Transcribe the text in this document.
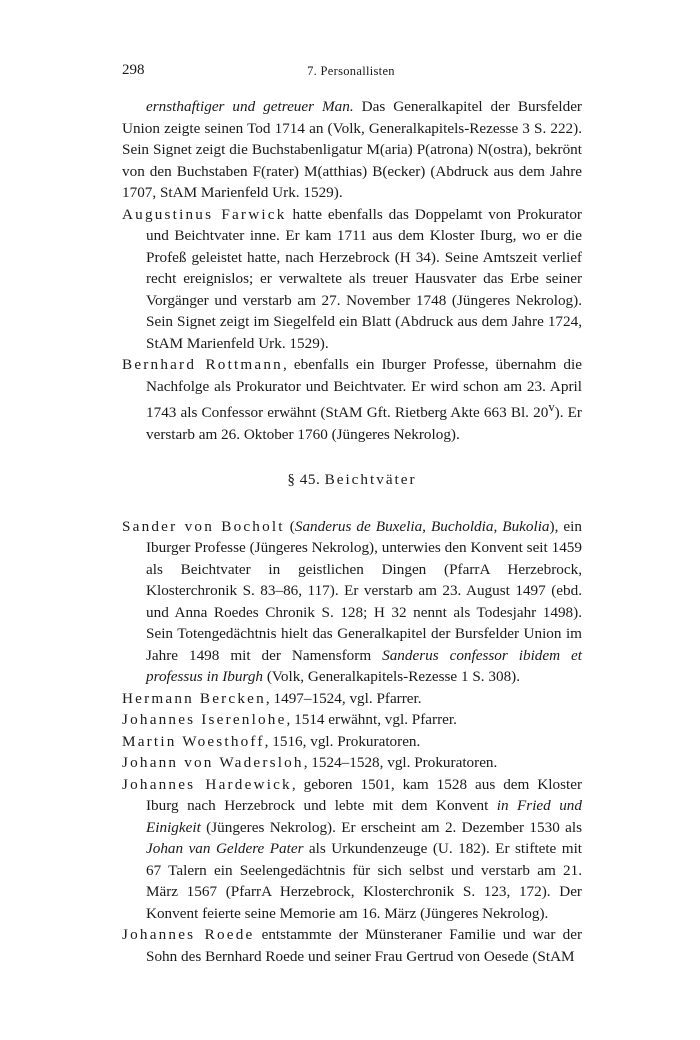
298	7. Personallisten

ernsthaftiger und getreuer Man. Das Generalkapitel der Bursfelder Union zeigte seinen Tod 1714 an (Volk, Generalkapitels-Rezesse 3 S. 222). Sein Signet zeigt die Buchstabenligatur M(aria) P(atrona) N(ostra), bekrönt von den Buchstaben F(rater) M(atthias) B(ecker) (Abdruck aus dem Jahre 1707, StAM Marienfeld Urk. 1529).

Augustinus Farwick hatte ebenfalls das Doppelamt von Prokurator und Beichtvater inne. Er kam 1711 aus dem Kloster Iburg, wo er die Profeß geleistet hatte, nach Herzebrock (H 34). Seine Amtszeit verlief recht ereignislos; er verwaltete als treuer Hausvater das Erbe seiner Vorgänger und verstarb am 27. November 1748 (Jüngeres Nekrolog). Sein Signet zeigt im Siegelfeld ein Blatt (Abdruck aus dem Jahre 1724, StAM Marienfeld Urk. 1529).

Bernhard Rottmann, ebenfalls ein Iburger Professe, übernahm die Nachfolge als Prokurator und Beichtvater. Er wird schon am 23. April 1743 als Confessor erwähnt (StAM Gft. Rietberg Akte 663 Bl. 20$^v$). Er verstarb am 26. Oktober 1760 (Jüngeres Nekrolog).

§ 45. Beichtväter

Sander von Bocholt (Sanderus de Buxelia, Bucholdia, Bukolia), ein Iburger Professe (Jüngeres Nekrolog), unterwies den Konvent seit 1459 als Beichtvater in geistlichen Dingen (PfarrA Herzebrock, Klosterchronik S. 83–86, 117). Er verstarb am 23. August 1497 (ebd. und Anna Roedes Chronik S. 128; H 32 nennt als Todesjahr 1498). Sein Totengedächtnis hielt das Generalkapitel der Bursfelder Union im Jahre 1498 mit der Namensform Sanderus confessor ibidem et professus in Iburgh (Volk, Generalkapitels-Rezesse 1 S. 308).

Hermann Bercken, 1497–1524, vgl. Pfarrer.

Johannes Iserenlohe, 1514 erwähnt, vgl. Pfarrer.

Martin Woesthoff, 1516, vgl. Prokuratoren.

Johann von Wadersloh, 1524–1528, vgl. Prokuratoren.

Johannes Hardewick, geboren 1501, kam 1528 aus dem Kloster Iburg nach Herzebrock und lebte mit dem Konvent in Fried und Einigkeit (Jüngeres Nekrolog). Er erscheint am 2. Dezember 1530 als Johan van Geldere Pater als Urkundenzeuge (U. 182). Er stiftete mit 67 Talern ein Seelengedächtnis für sich selbst und verstarb am 21. März 1567 (PfarrA Herzebrock, Klosterchronik S. 123, 172). Der Konvent feierte seine Memorie am 16. März (Jüngeres Nekrolog).

Johannes Roede entstammte der Münsteraner Familie und war der Sohn des Bernhard Roede und seiner Frau Gertrud von Oesede (StAM
